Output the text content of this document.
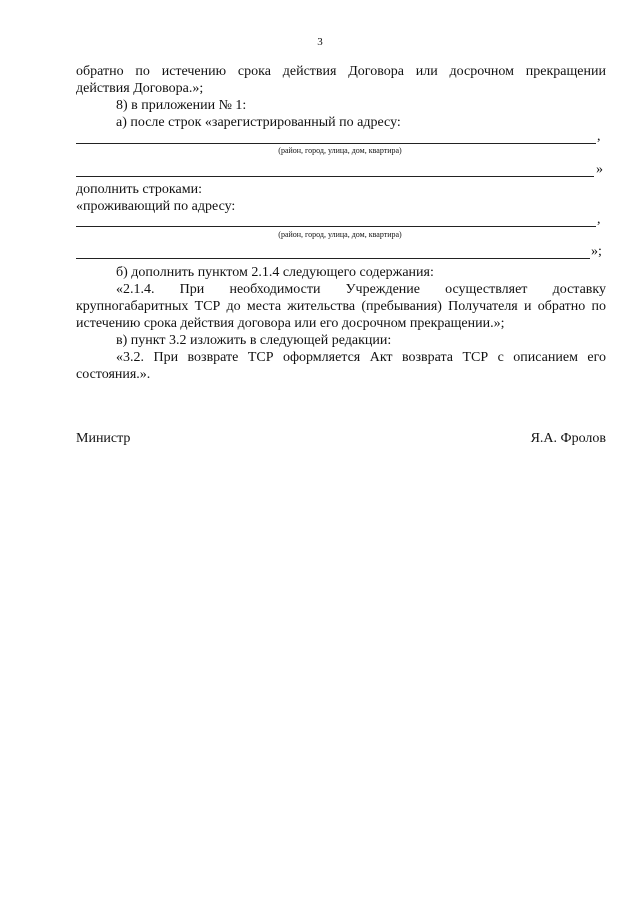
3
обратно по истечению срока действия Договора или досрочном прекращении
действия Договора.»;
8) в приложении № 1:
а) после строк «зарегистрированный по адресу:
,
(район, город, улица, дом, квартира)
»
дополнить строками:
«проживающий по адресу:
,
(район, город, улица, дом, квартира)
»;
б) дополнить пунктом 2.1.4 следующего содержания:
«2.1.4. При необходимости Учреждение осуществляет доставку
крупногабаритных ТСР до места жительства (пребывания) Получателя и обратно по
истечению срока действия договора или его досрочном прекращении.»;
в) пункт 3.2 изложить в следующей редакции:
«3.2. При возврате ТСР оформляется Акт возврата ТСР с описанием его
состояния.».
Министр	Я.А. Фролов
